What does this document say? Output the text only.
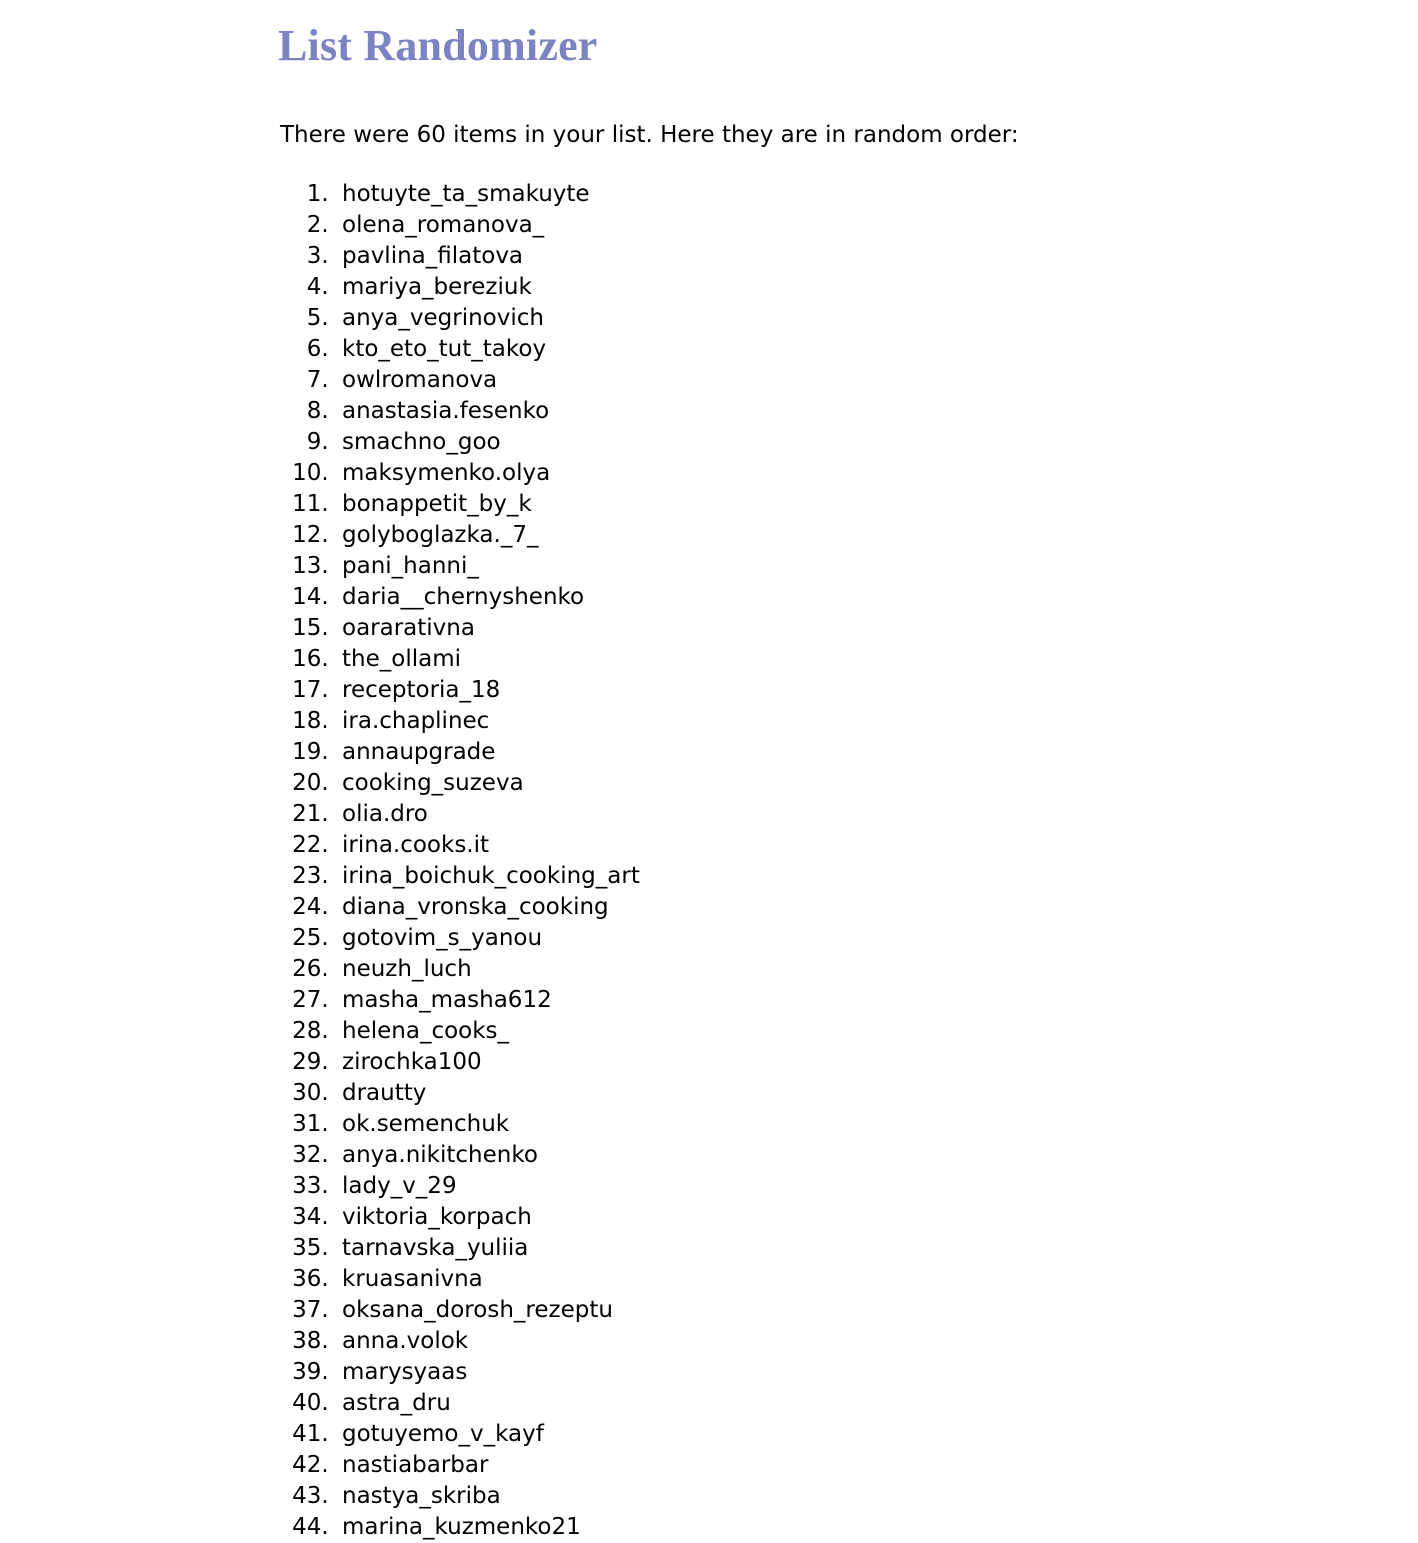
List Randomizer

There were 60 items in your list. Here they are in random order:

1. hotuyte_ta_smakuyte
2. olena_romanova_
3. pavlina_filatova
4. mariya_bereziuk
5. anya_vegrinovich
6. kto_eto_tut_takoy
7. owlromanova
8. anastasia.fesenko
9. smachno_goo
10. maksymenko.olya
11. bonappetit_by_k
12. golyboglazka._7_
13. pani_hanni_
14. daria__chernyshenko
15. oararativna
16. the_ollami
17. receptoria_18
18. ira.chaplinec
19. annaupgrade
20. cooking_suzeva
21. olia.dro
22. irina.cooks.it
23. irina_boichuk_cooking_art
24. diana_vronska_cooking
25. gotovim_s_yanou
26. neuzh_luch
27. masha_masha612
28. helena_cooks_
29. zirochka100
30. drautty
31. ok.semenchuk
32. anya.nikitchenko
33. lady_v_29
34. viktoria_korpach
35. tarnavska_yuliia
36. kruasanivna
37. oksana_dorosh_rezeptu
38. anna.volok
39. marysyaas
40. astra_dru
41. gotuyemo_v_kayf
42. nastiabarbar
43. nastya_skriba
44. marina_kuzmenko21
